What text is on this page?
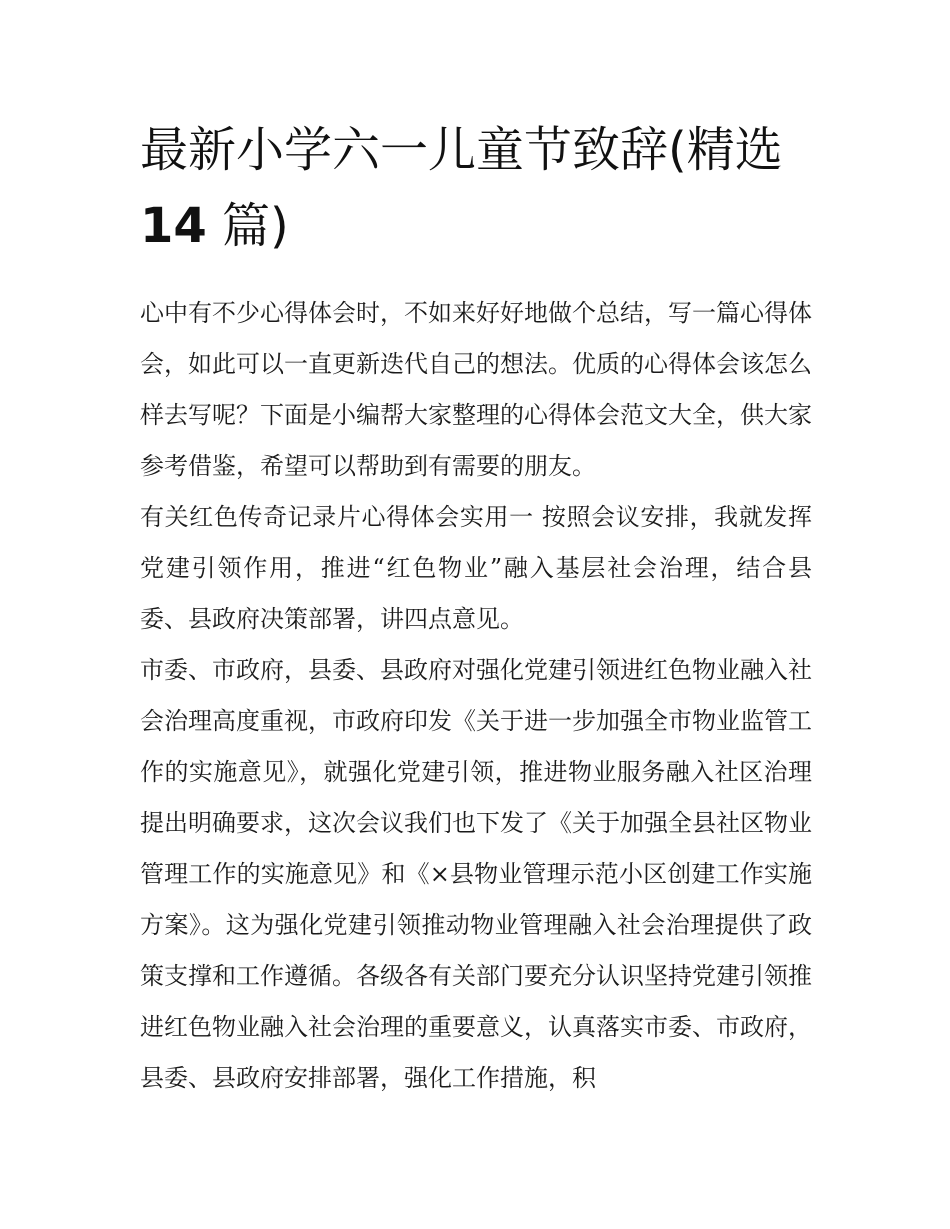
最新小学六一儿童节致辞(精选
14 篇)

心中有不少心得体会时，不如来好好地做个总结，写一篇心得体会，如此可以一直更新迭代自己的想法。优质的心得体会该怎么样去写呢？下面是小编帮大家整理的心得体会范文大全，供大家参考借鉴，希望可以帮助到有需要的朋友。

有关红色传奇记录片心得体会实用一 按照会议安排，我就发挥党建引领作用，推进“红色物业”融入基层社会治理，结合县委、县政府决策部署，讲四点意见。

市委、市政府，县委、县政府对强化党建引领进红色物业融入社会治理高度重视，市政府印发《关于进一步加强全市物业监管工作的实施意见》，就强化党建引领，推进物业服务融入社区治理提出明确要求，这次会议我们也下发了《关于加强全县社区物业管理工作的实施意见》和《×县物业管理示范小区创建工作实施方案》。这为强化党建引领推动物业管理融入社会治理提供了政策支撑和工作遵循。各级各有关部门要充分认识坚持党建引领推进红色物业融入社会治理的重要意义，认真落实市委、市政府，县委、县政府安排部署，强化工作措施，积
